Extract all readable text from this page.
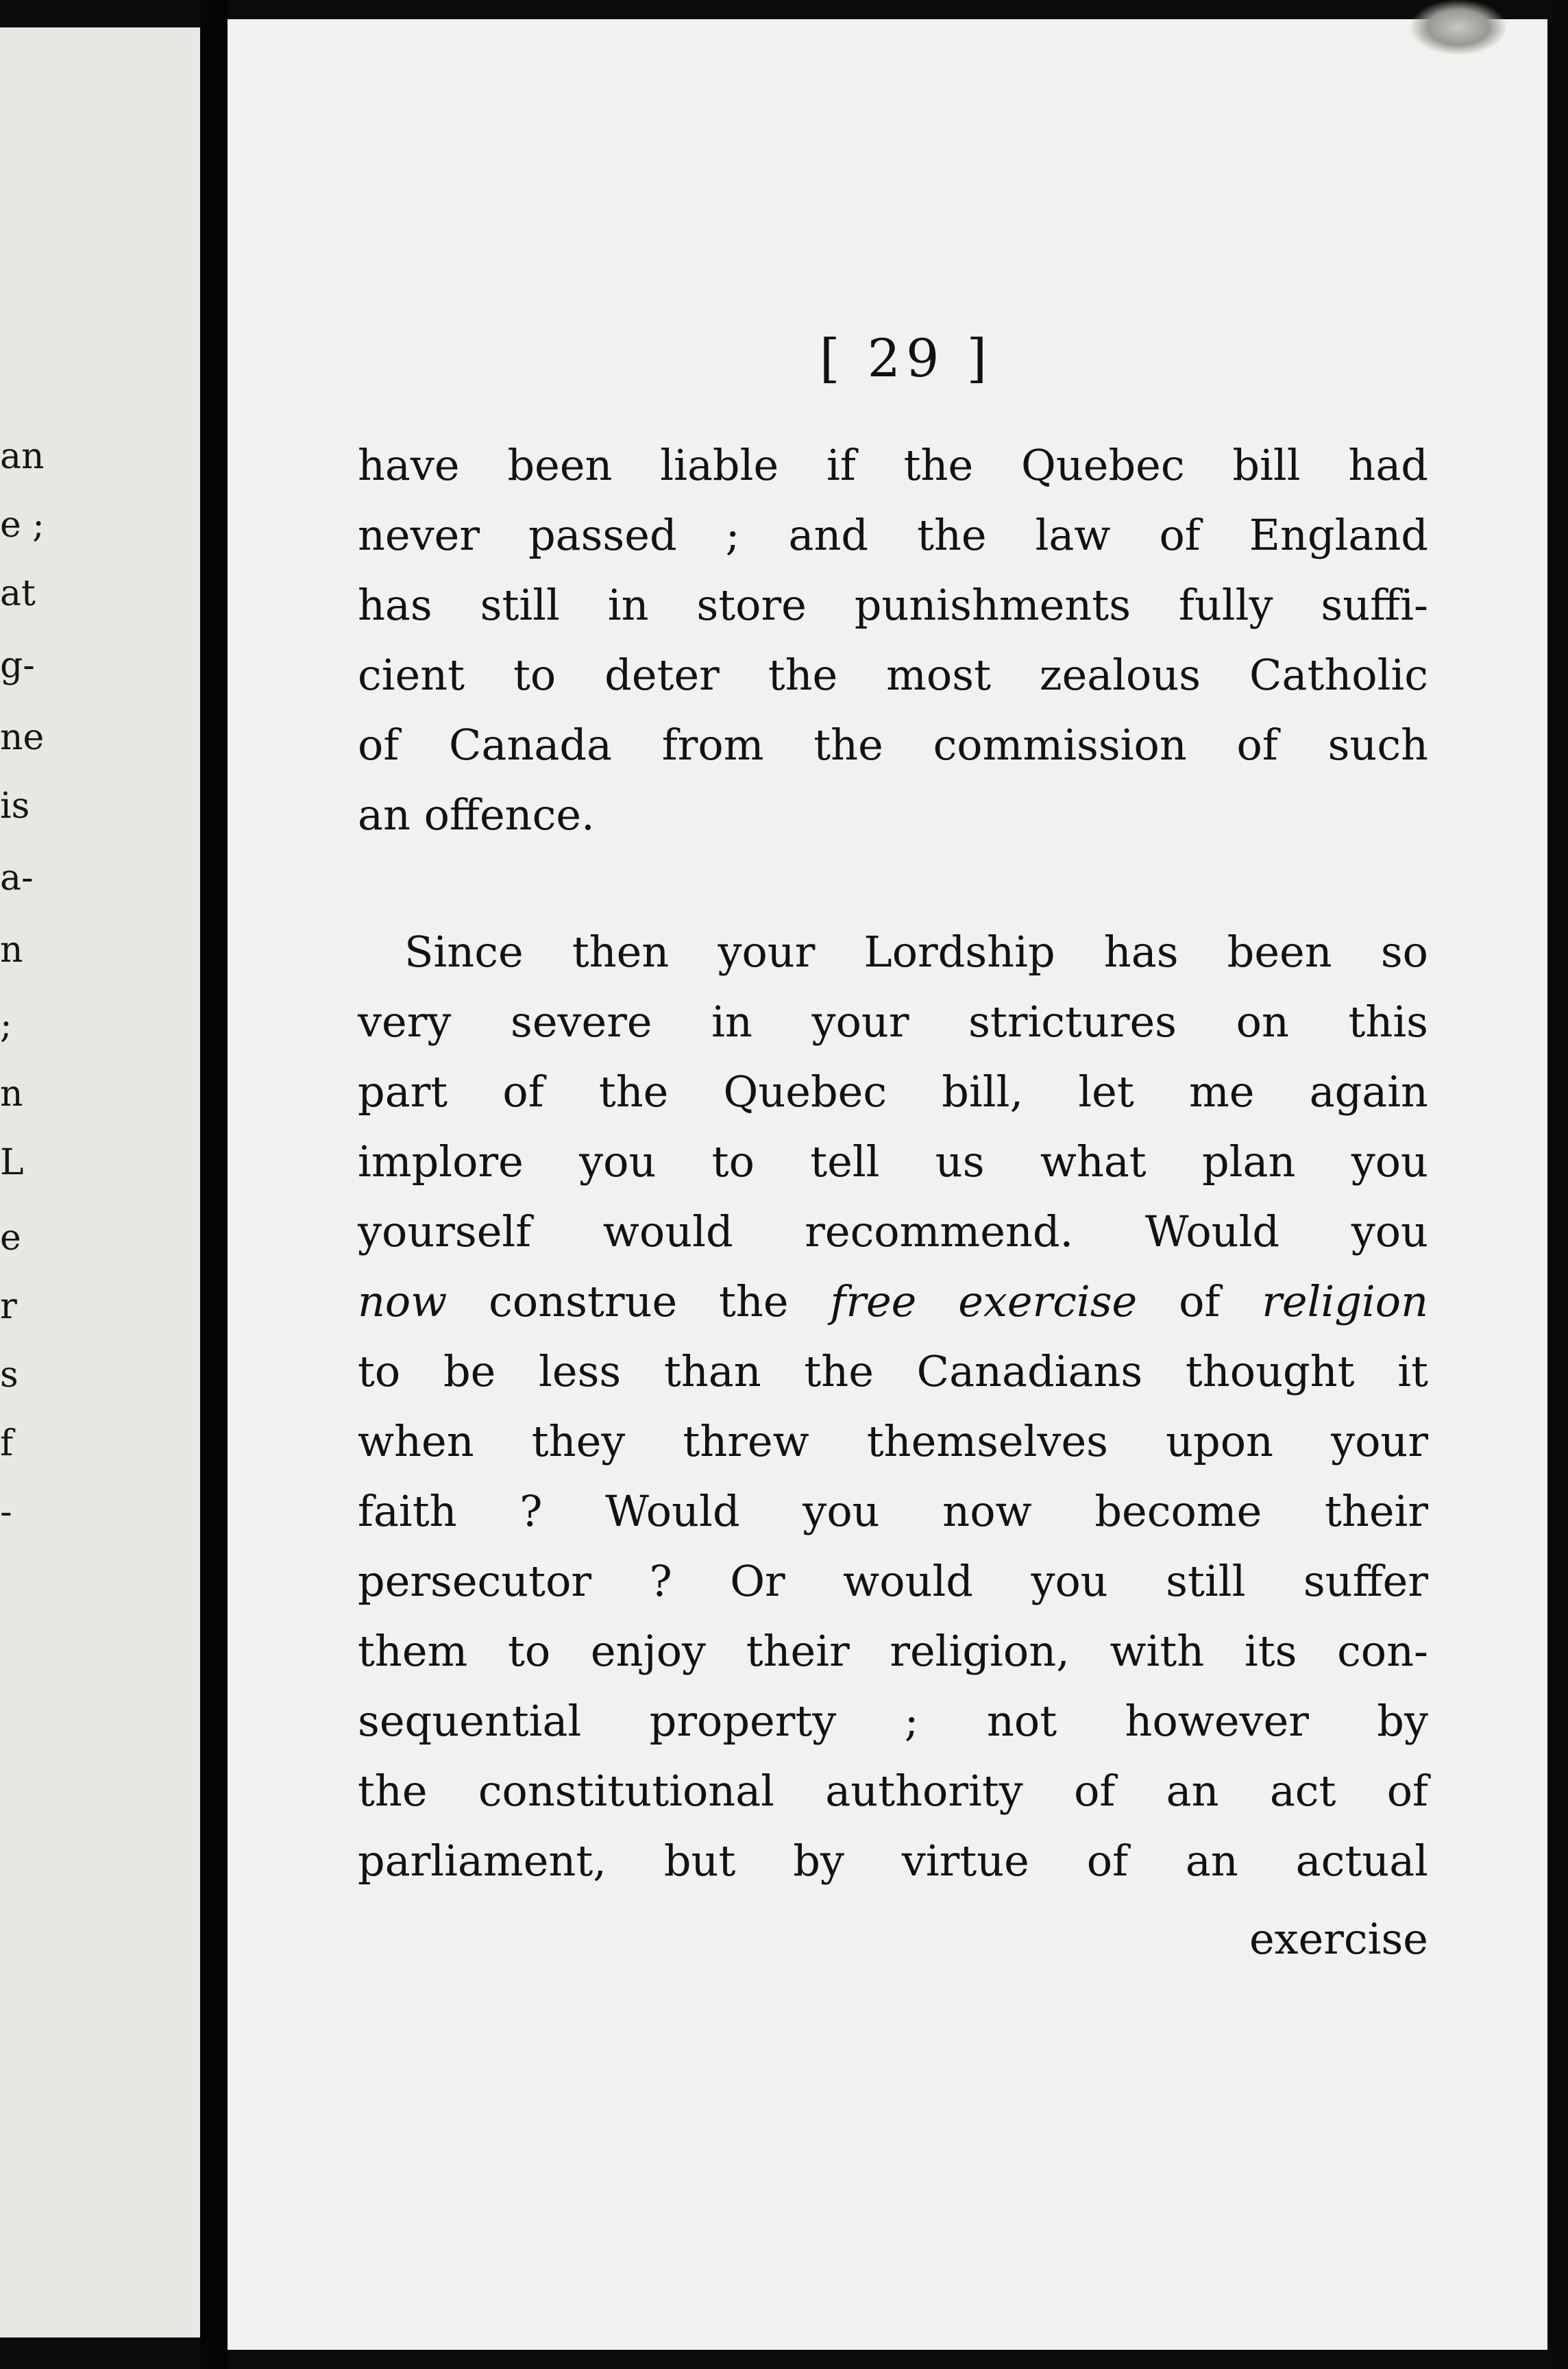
an
e ;
at
g-
ne
is
a-
n
;
n
L
e
r
s
f
-
[ 29 ]
have been liable if the Quebec bill had
never passed ; and the law of England
has still in store punishments fully suffi-
cient to deter the most zealous Catholic
of Canada from the commission of such
an offence.
Since then your Lordship has been so
very severe in your strictures on this
part of the Quebec bill, let me again
implore you to tell us what plan you
yourself would recommend. Would you
now construe the free exercise of religion
to be less than the Canadians thought it
when they threw themselves upon your
faith ? Would you now become their
persecutor ? Or would you still suffer
them to enjoy their religion, with its con-
sequential property ; not however by
the constitutional authority of an act of
parliament, but by virtue of an actual
exercise
